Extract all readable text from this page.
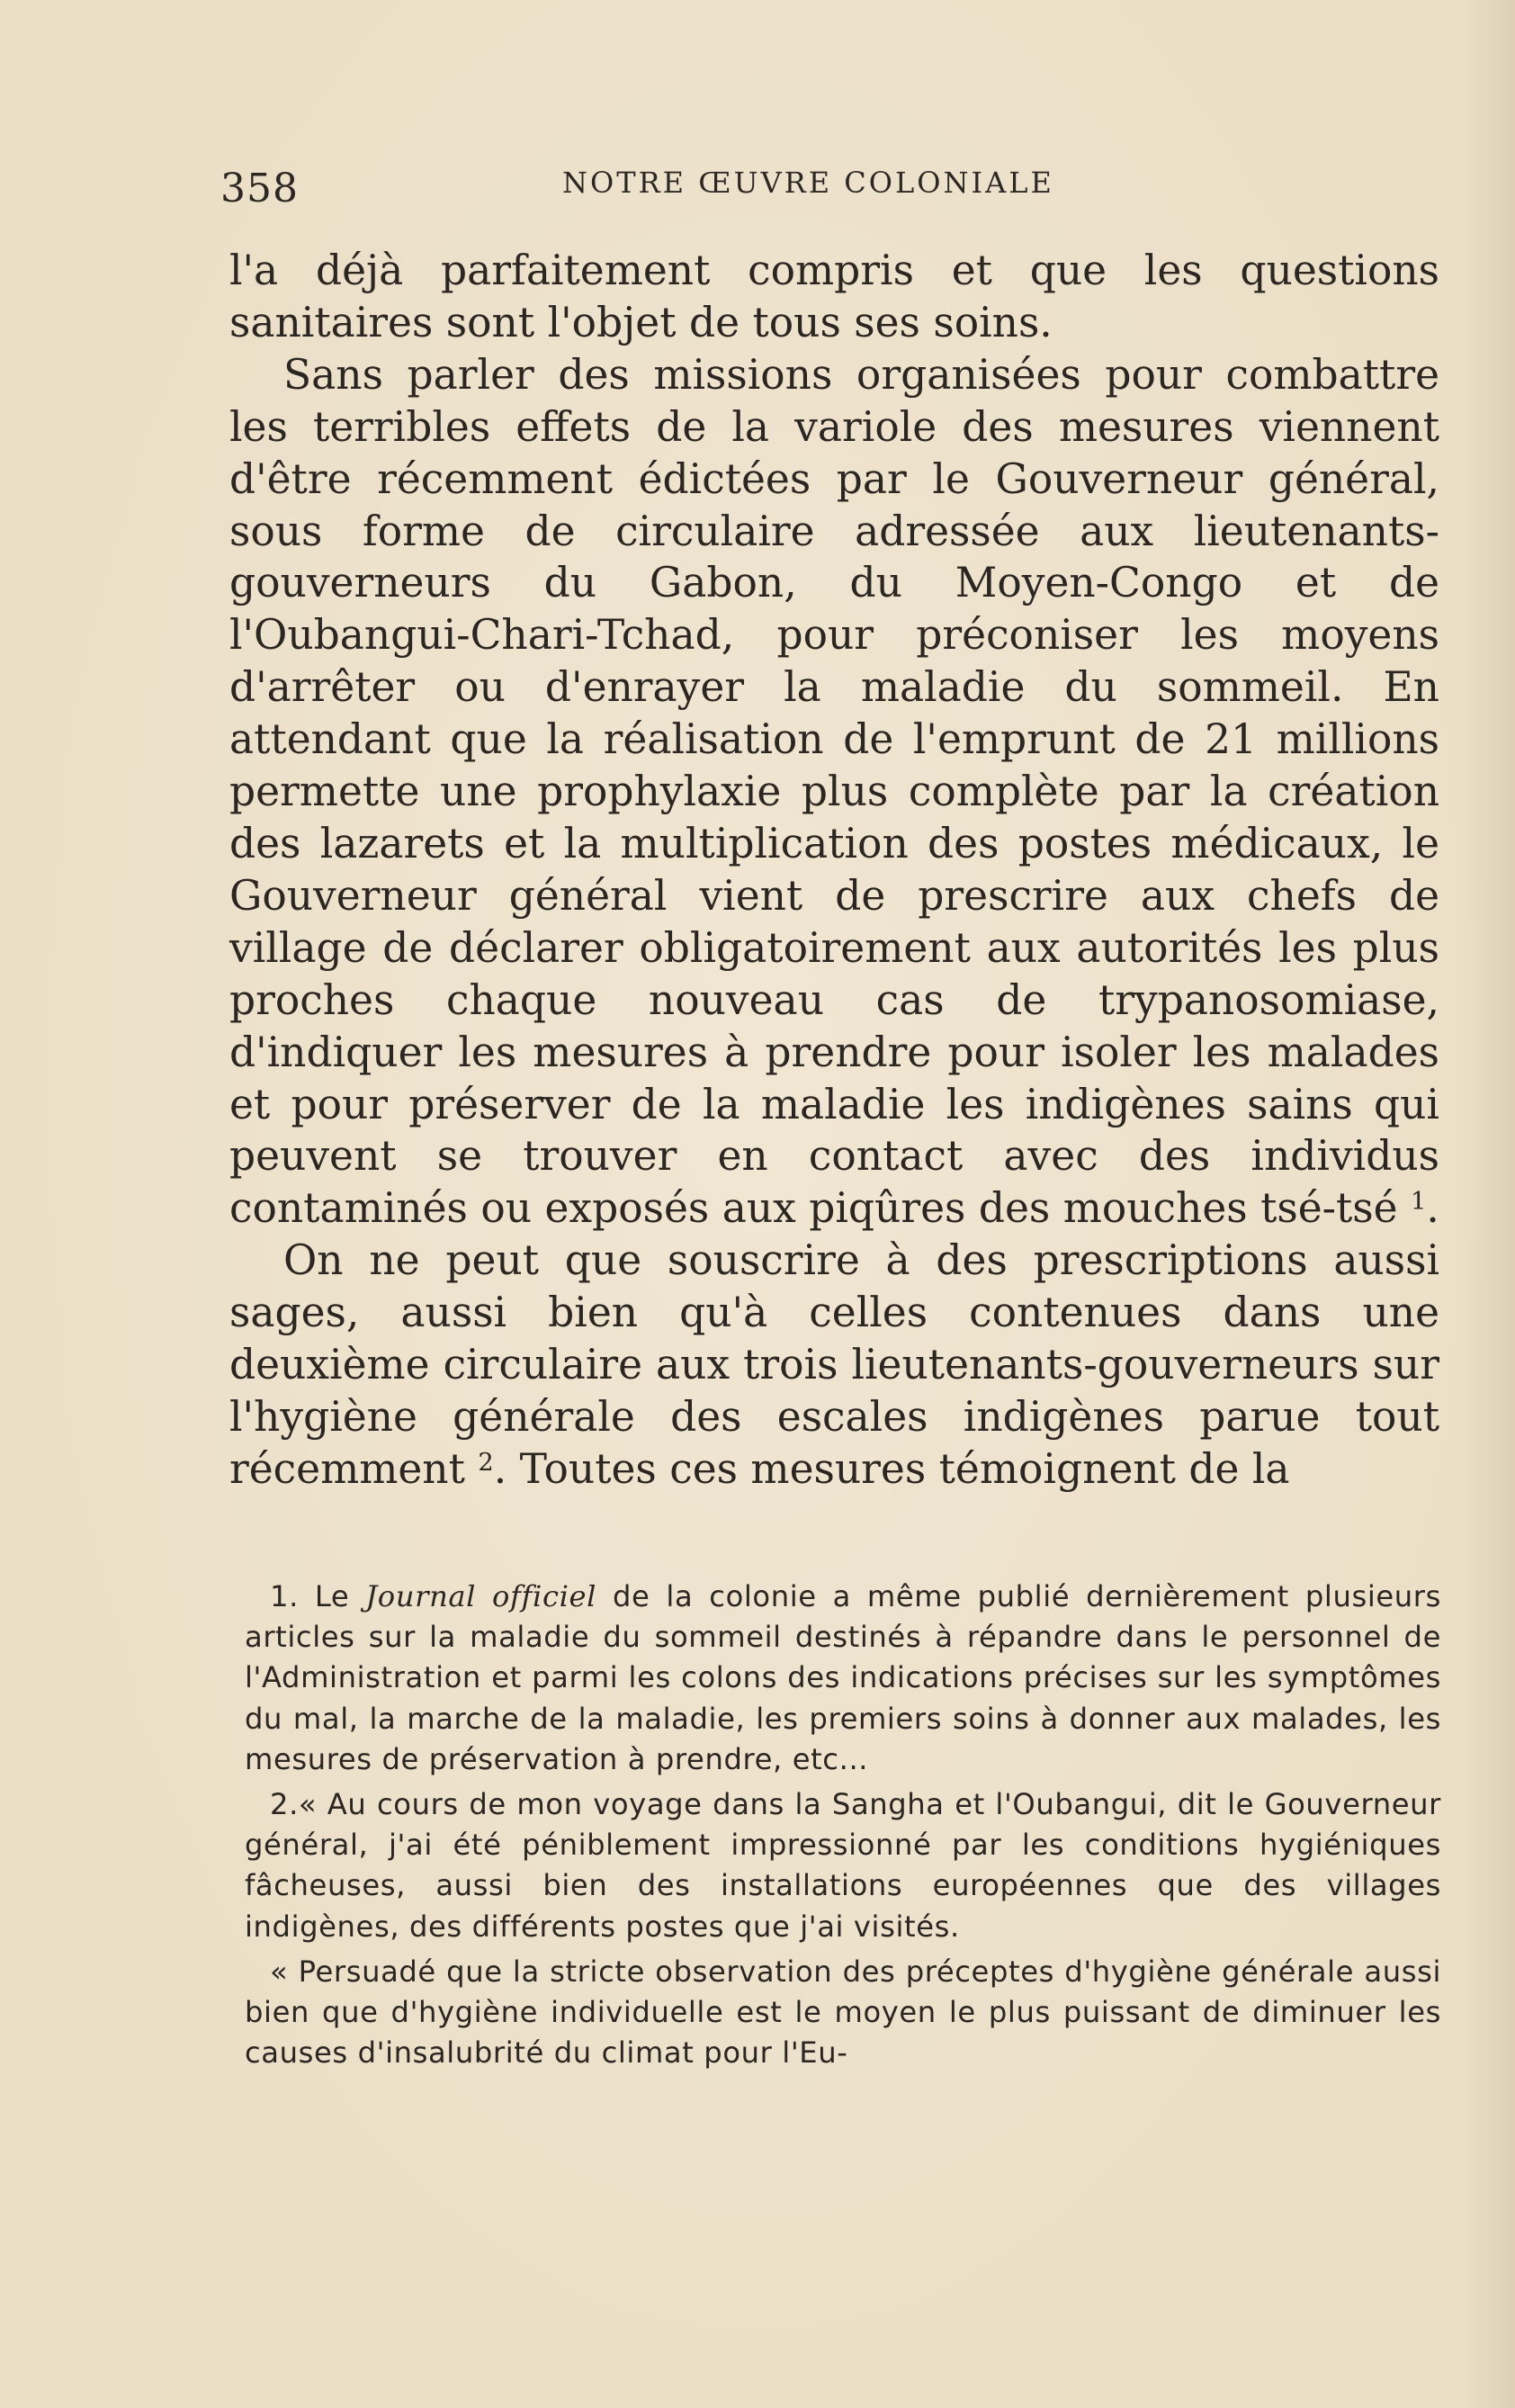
358	NOTRE ŒUVRE COLONIALE

l'a déjà parfaitement compris et que les questions sanitaires sont l'objet de tous ses soins.

Sans parler des missions organisées pour combattre les terribles effets de la variole des mesures viennent d'être récemment édictées par le Gouverneur général, sous forme de circulaire adressée aux lieutenants-gouverneurs du Gabon, du Moyen-Congo et de l'Oubangui-Chari-Tchad, pour préconiser les moyens d'arrêter ou d'enrayer la maladie du sommeil. En attendant que la réalisation de l'emprunt de 21 millions permette une prophylaxie plus complète par la création des lazarets et la multiplication des postes médicaux, le Gouverneur général vient de prescrire aux chefs de village de déclarer obligatoirement aux autorités les plus proches chaque nouveau cas de trypanosomiase, d'indiquer les mesures à prendre pour isoler les malades et pour préserver de la maladie les indigènes sains qui peuvent se trouver en contact avec des individus contaminés ou exposés aux piqûres des mouches tsé-tsé $^1$.

On ne peut que souscrire à des prescriptions aussi sages, aussi bien qu'à celles contenues dans une deuxième circulaire aux trois lieutenants-gouverneurs sur l'hygiène générale des escales indigènes parue tout récemment $^2$. Toutes ces mesures témoignent de la

1. Le Journal officiel de la colonie a même publié dernièrement plusieurs articles sur la maladie du sommeil destinés à répandre dans le personnel de l'Administration et parmi les colons des indications précises sur les symptômes du mal, la marche de la maladie, les premiers soins à donner aux malades, les mesures de préservation à prendre, etc...

2.« Au cours de mon voyage dans la Sangha et l'Oubangui, dit le Gouverneur général, j'ai été péniblement impressionné par les conditions hygiéniques fâcheuses, aussi bien des installations européennes que des villages indigènes, des différents postes que j'ai visités.

« Persuadé que la stricte observation des préceptes d'hygiène générale aussi bien que d'hygiène individuelle est le moyen le plus puissant de diminuer les causes d'insalubrité du climat pour l'Eu-
